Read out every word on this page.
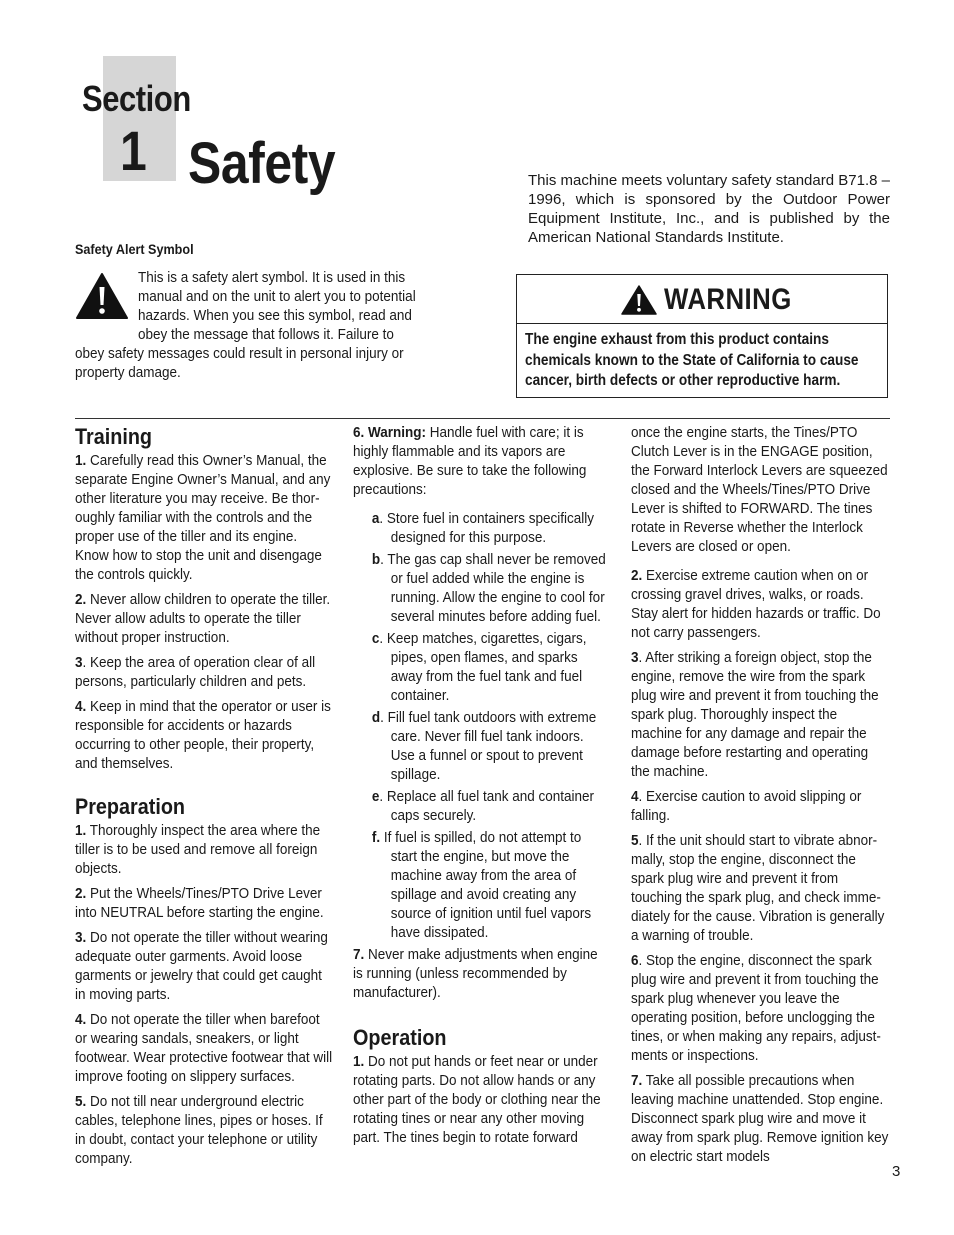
Section
1 Safety	This machine meets voluntary safety standard B71.8 – 1996, which is sponsored by the Outdoor Power Equipment Institute, Inc., and is published by the American National Standards Institute.
Safety Alert Symbol
This is a safety alert symbol. It is used in this manual and on the unit to alert you to potential hazards. When you see this symbol, read and obey the message that follows it. Failure to obey safety messages could result in personal injury or property damage.
WARNING
The engine exhaust from this product contains chemicals known to the State of California to cause cancer, birth defects or other reproductive harm.
Training

1. Carefully read this Owner’s Manual, the separate Engine Owner’s Manual, and any other literature you may receive. Be thor-oughly familiar with the controls and the proper use of the tiller and its engine. Know how to stop the unit and disengage the controls quickly.

2. Never allow children to operate the tiller. Never allow adults to operate the tiller without proper instruction.

3. Keep the area of operation clear of all persons, particularly children and pets.

4. Keep in mind that the operator or user is responsible for accidents or hazards occurring to other people, their property, and themselves.

Preparation

1. Thoroughly inspect the area where the tiller is to be used and remove all foreign objects.

2. Put the Wheels/Tines/PTO Drive Lever into NEUTRAL before starting the engine.

3. Do not operate the tiller without wearing adequate outer garments. Avoid loose garments or jewelry that could get caught in moving parts.

4. Do not operate the tiller when barefoot or wearing sandals, sneakers, or light footwear. Wear protective footwear that will improve footing on slippery surfaces.

5. Do not till near underground electric cables, telephone lines, pipes or hoses. If in doubt, contact your telephone or utility company.

6. Warning: Handle fuel with care; it is highly flammable and its vapors are explosive. Be sure to take the following precautions:

a. Store fuel in containers specifically designed for this purpose.

b. The gas cap shall never be removed or fuel added while the engine is running. Allow the engine to cool for several minutes before adding fuel.

c. Keep matches, cigarettes, cigars, pipes, open flames, and sparks away from the fuel tank and fuel container.

d. Fill fuel tank outdoors with extreme care. Never fill fuel tank indoors. Use a funnel or spout to prevent spillage.

e. Replace all fuel tank and container caps securely.

f. If fuel is spilled, do not attempt to start the engine, but move the machine away from the area of spillage and avoid creating any source of ignition until fuel vapors have dissipated.

7. Never make adjustments when engine is running (unless recommended by manufacturer).

Operation

1. Do not put hands or feet near or under rotating parts. Do not allow hands or any other part of the body or clothing near the rotating tines or near any other moving part. The tines begin to rotate forward

once the engine starts, the Tines/PTO Clutch Lever is in the ENGAGE position, the Forward Interlock Levers are squeezed closed and the Wheels/Tines/PTO Drive Lever is shifted to FORWARD. The tines rotate in Reverse whether the Interlock Levers are closed or open.

2. Exercise extreme caution when on or crossing gravel drives, walks, or roads. Stay alert for hidden hazards or traffic. Do not carry passengers.

3. After striking a foreign object, stop the engine, remove the wire from the spark plug wire and prevent it from touching the spark plug. Thoroughly inspect the machine for any damage and repair the damage before restarting and operating the machine.

4. Exercise caution to avoid slipping or falling.

5. If the unit should start to vibrate abnor-mally, stop the engine, disconnect the spark plug wire and prevent it from touching the spark plug, and check imme-diately for the cause. Vibration is generally a warning of trouble.

6. Stop the engine, disconnect the spark plug wire and prevent it from touching the spark plug whenever you leave the operating position, before unclogging the tines, or when making any repairs, adjust-ments or inspections.

7. Take all possible precautions when leaving machine unattended. Stop engine. Disconnect spark plug wire and move it away from spark plug. Remove ignition key on electric start models

3
